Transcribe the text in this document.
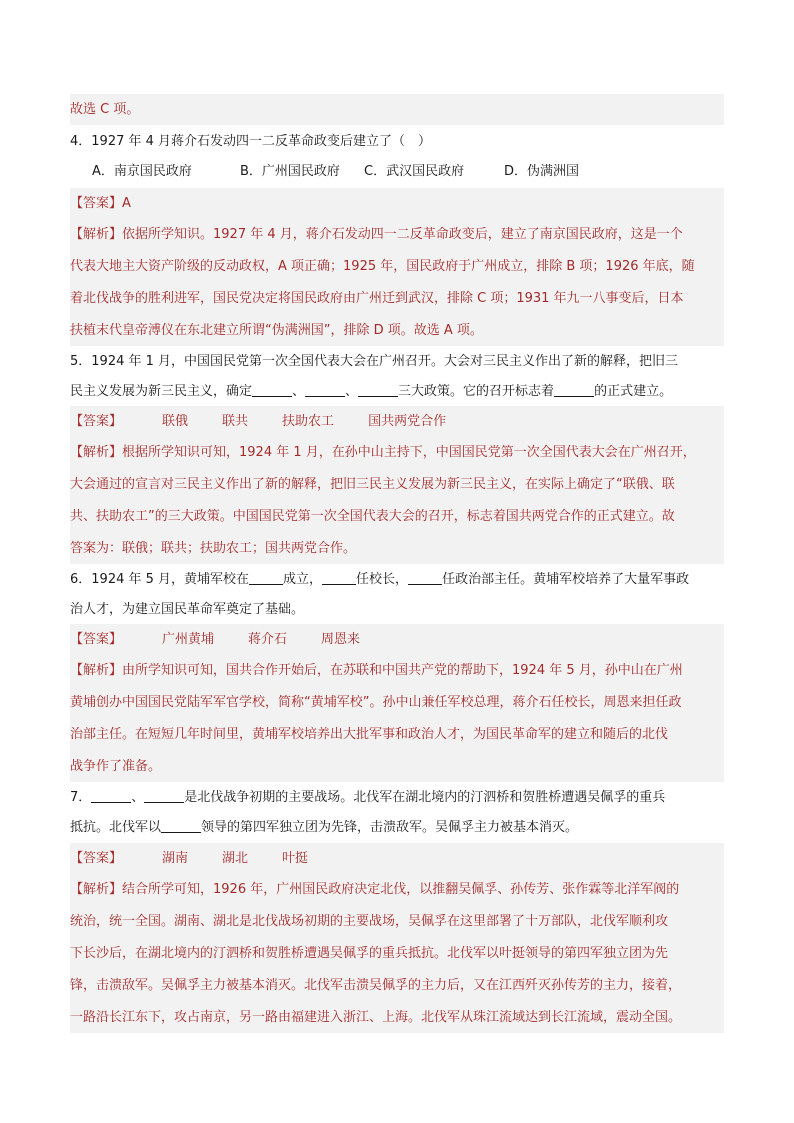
故选 C 项。
4．1927 年 4 月蒋介石发动四一二反革命政变后建立了（　）
A．南京国民政府	B．广州国民政府 C．武汉国民政府	D．伪满洲国
【答案】A
【解析】依据所学知识。1927 年 4 月，蒋介石发动四一二反革命政变后，建立了南京国民政府，这是一个
代表大地主大资产阶级的反动政权，A 项正确；1925 年，国民政府于广州成立，排除 B 项；1926 年底，随
着北伐战争的胜利进军，国民党决定将国民政府由广州迁到武汉，排除 C 项；1931 年九一八事变后，日本
扶植末代皇帝溥仪在东北建立所谓“伪满洲国”，排除 D 项。故选 A 项。
5．1924 年 1 月，中国国民党第一次全国代表大会在广州召开。大会对三民主义作出了新的解释，把旧三
民主义发展为新三民主义，确定	、	、	三大政策。它的召开标志着	的正式建立。
【答案】	联俄	联共	扶助农工	国共两党合作
【解析】根据所学知识可知，1924 年 1 月，在孙中山主持下，中国国民党第一次全国代表大会在广州召开，
大会通过的宣言对三民主义作出了新的解释，把旧三民主义发展为新三民主义，在实际上确定了“联俄、联
共、扶助农工”的三大政策。中国国民党第一次全国代表大会的召开，标志着国共两党合作的正式建立。故
答案为：联俄；联共；扶助农工；国共两党合作。
6．1924 年 5 月，黄埔军校在	成立，	任校长，	任政治部主任。黄埔军校培养了大量军事政
治人才，为建立国民革命军奠定了基础。
【答案】	广州黄埔	蒋介石	周恩来
【解析】由所学知识可知，国共合作开始后，在苏联和中国共产党的帮助下，1924 年 5 月，孙中山在广州
黄埔创办中国国民党陆军军官学校，简称“黄埔军校”。孙中山兼任军校总理，蒋介石任校长，周恩来担任政
治部主任。在短短几年时间里，黄埔军校培养出大批军事和政治人才，为国民革命军的建立和随后的北伐
战争作了准备。
7．	、	是北伐战争初期的主要战场。北伐军在湖北境内的汀泗桥和贺胜桥遭遇吴佩孚的重兵
抵抗。北伐军以	领导的第四军独立团为先锋，击溃敌军。吴佩孚主力被基本消灭。
【答案】	湖南	湖北	叶挺
【解析】结合所学可知，1926 年，广州国民政府决定北伐，以推翻吴佩孚、孙传芳、张作霖等北洋军阀的
统治，统一全国。湖南、湖北是北伐战场初期的主要战场，吴佩孚在这里部署了十万部队，北伐军顺利攻
下长沙后，在湖北境内的汀泗桥和贺胜桥遭遇吴佩孚的重兵抵抗。北伐军以叶挺领导的第四军独立团为先
锋，击溃敌军。吴佩孚主力被基本消灭。北伐军击溃吴佩孚的主力后，又在江西歼灭孙传芳的主力，接着，
一路沿长江东下，攻占南京，另一路由福建进入浙江、上海。北伐军从珠江流域达到长江流域，震动全国。
